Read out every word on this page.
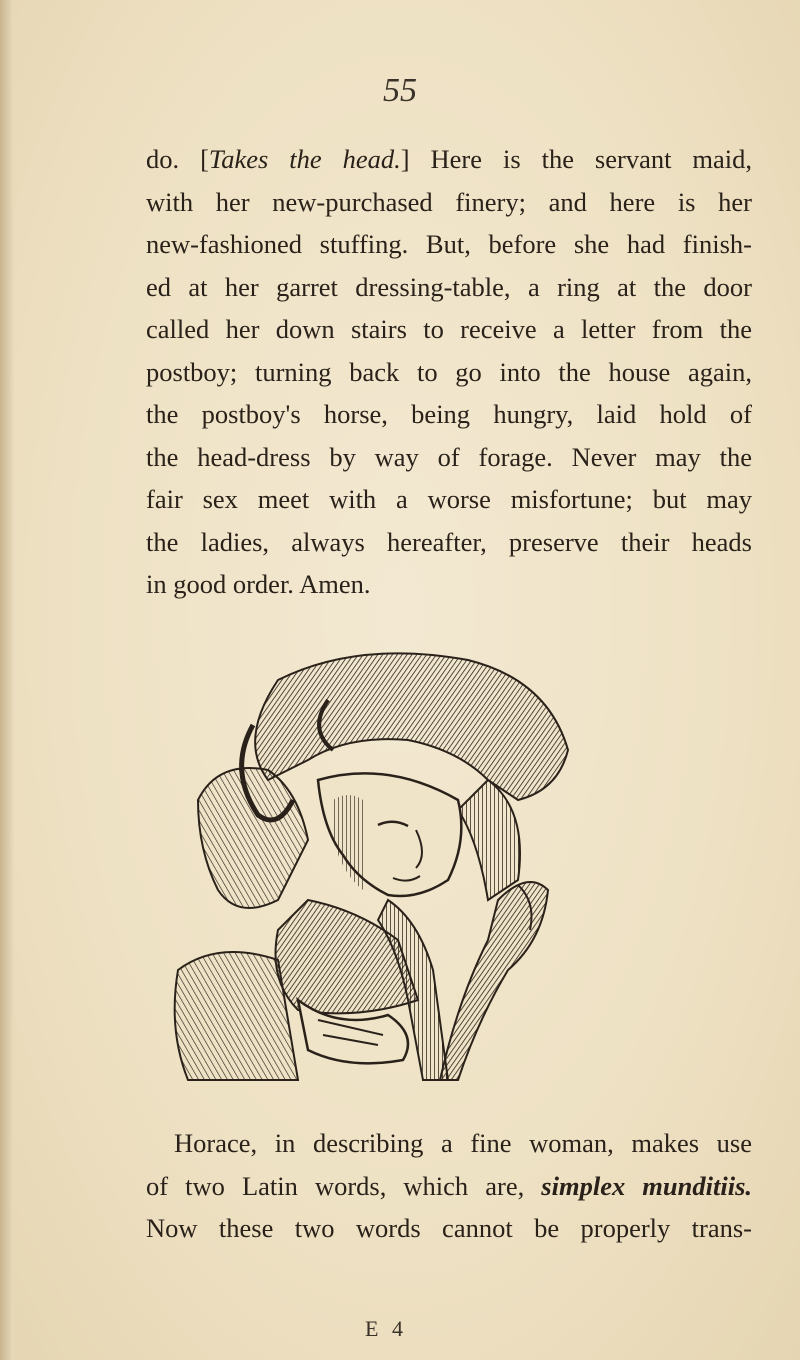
55
do. [Takes the head.] Here is the servant maid,
with her new-purchased finery; and here is her
new-fashioned stuffing. But, before she had finish-
ed at her garret dressing-table, a ring at the door
called her down stairs to receive a letter from the
postboy; turning back to go into the house again,
the postboy's horse, being hungry, laid hold of
the head-dress by way of forage. Never may the
fair sex meet with a worse misfortune; but may
the ladies, always hereafter, preserve their heads
in good order. Amen.
Horace, in describing a fine woman, makes use
of two Latin words, which are, simplex munditiis.
Now these two words cannot be properly trans-
E 4
